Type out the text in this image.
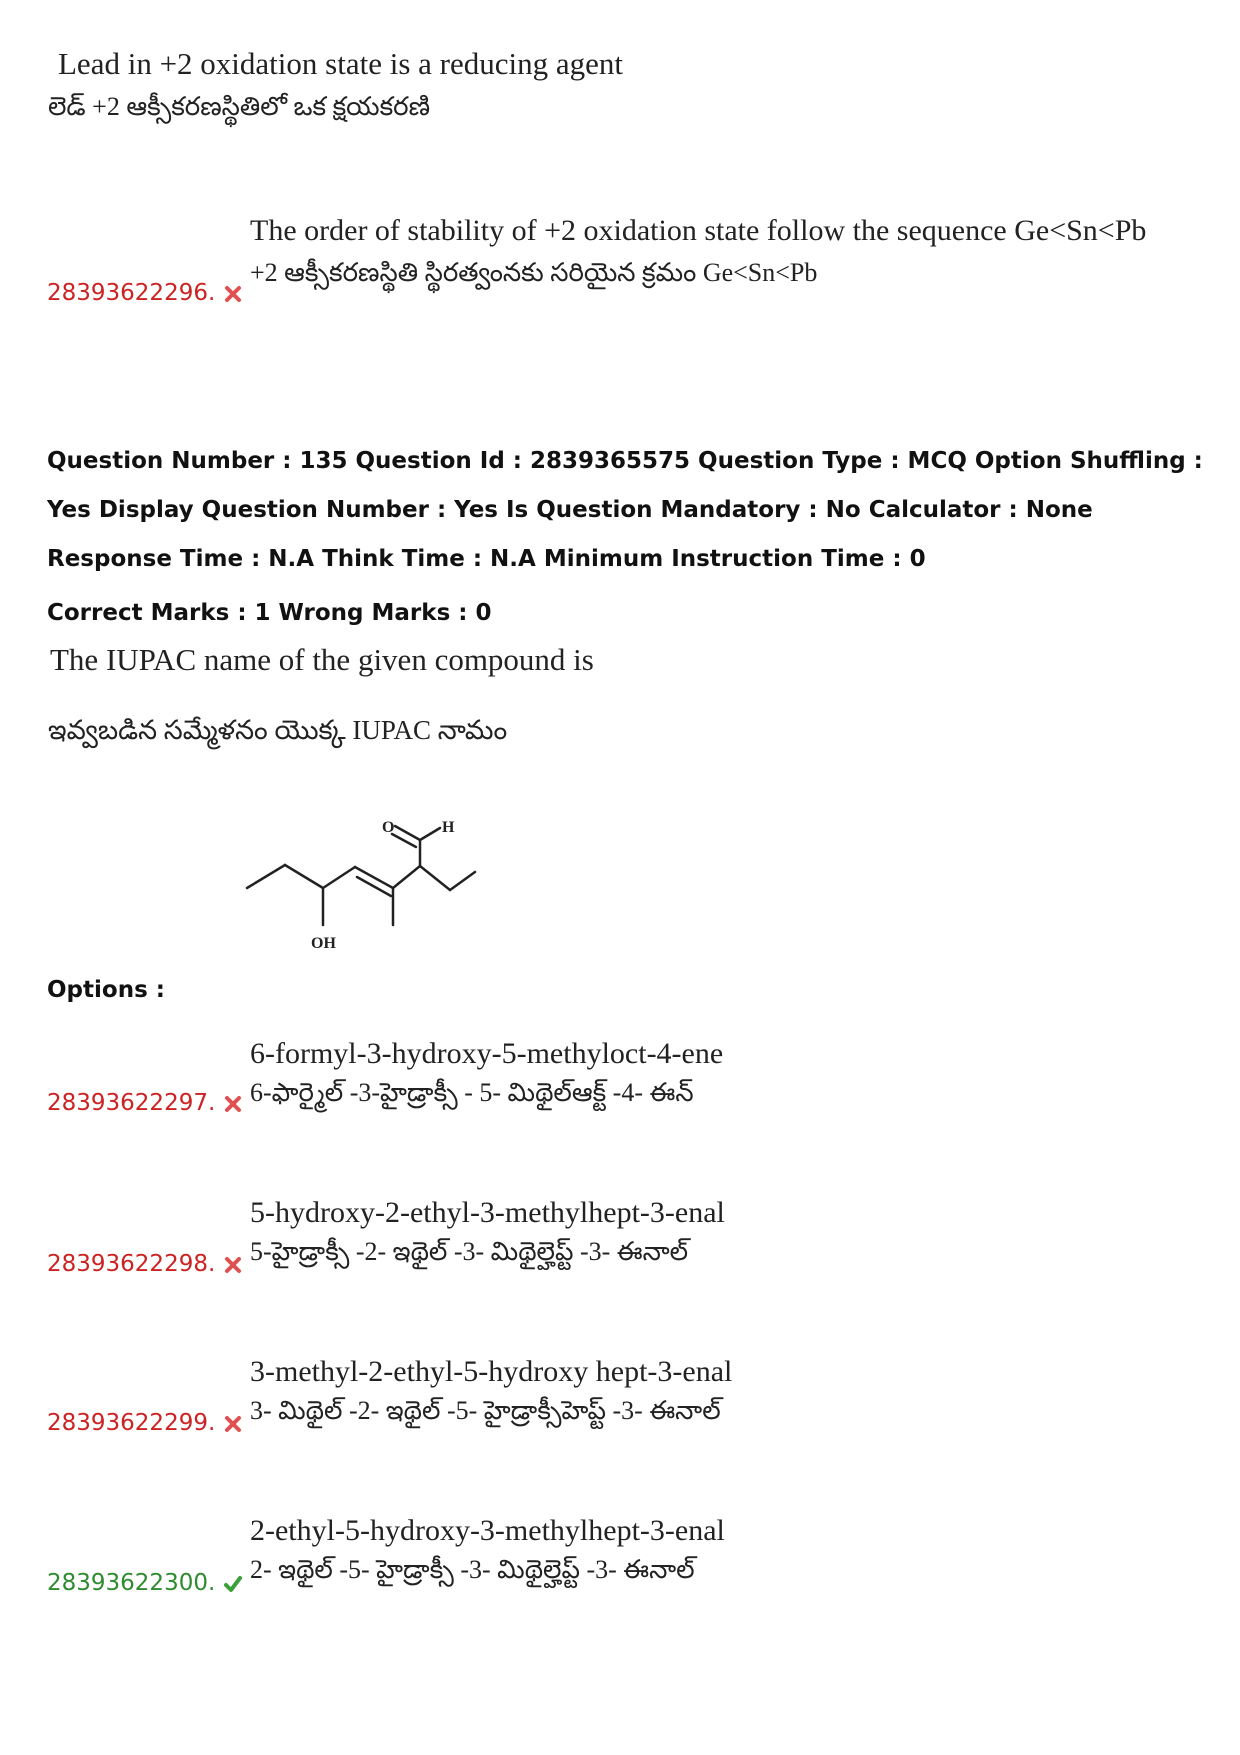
Lead in +2 oxidation state is a reducing agent
లెడ్ +2 ఆక్సీకరణస్థితిలో ఒక క్షయకరణి
The order of stability of +2 oxidation state follow the sequence Ge<Sn<Pb
+2 ఆక్సీకరణస్థితి స్థిరత్వంనకు సరియైన క్రమం Ge<Sn<Pb
28393622296.
Question Number : 135 Question Id : 2839365575 Question Type : MCQ Option Shuffling : Yes Display Question Number : Yes Is Question Mandatory : No Calculator : None Response Time : N.A Think Time : N.A Minimum Instruction Time : 0
Correct Marks : 1 Wrong Marks : 0
The IUPAC name of the given compound is
ఇవ్వబడిన సమ్మేళనం యొక్క IUPAC నామం
O	H
OH
Options :
6-formyl-3-hydroxy-5-methyloct-4-ene
6-ఫార్మైల్ -3-హైడ్రాక్సీ - 5- మిథైల్ఆక్ట్ -4- ఈన్
28393622297.
5-hydroxy-2-ethyl-3-methylhept-3-enal
5-హైడ్రాక్సీ -2- ఇథైల్ -3- మిథైల్హెప్ట్ -3- ఈనాల్
28393622298.
3-methyl-2-ethyl-5-hydroxy hept-3-enal
3- మిథైల్ -2- ఇథైల్ -5- హైడ్రాక్సీహెప్ట్ -3- ఈనాల్
28393622299.
2-ethyl-5-hydroxy-3-methylhept-3-enal
2- ఇథైల్ -5- హైడ్రాక్సీ -3- మిథైల్హెప్ట్ -3- ఈనాల్
28393622300.
